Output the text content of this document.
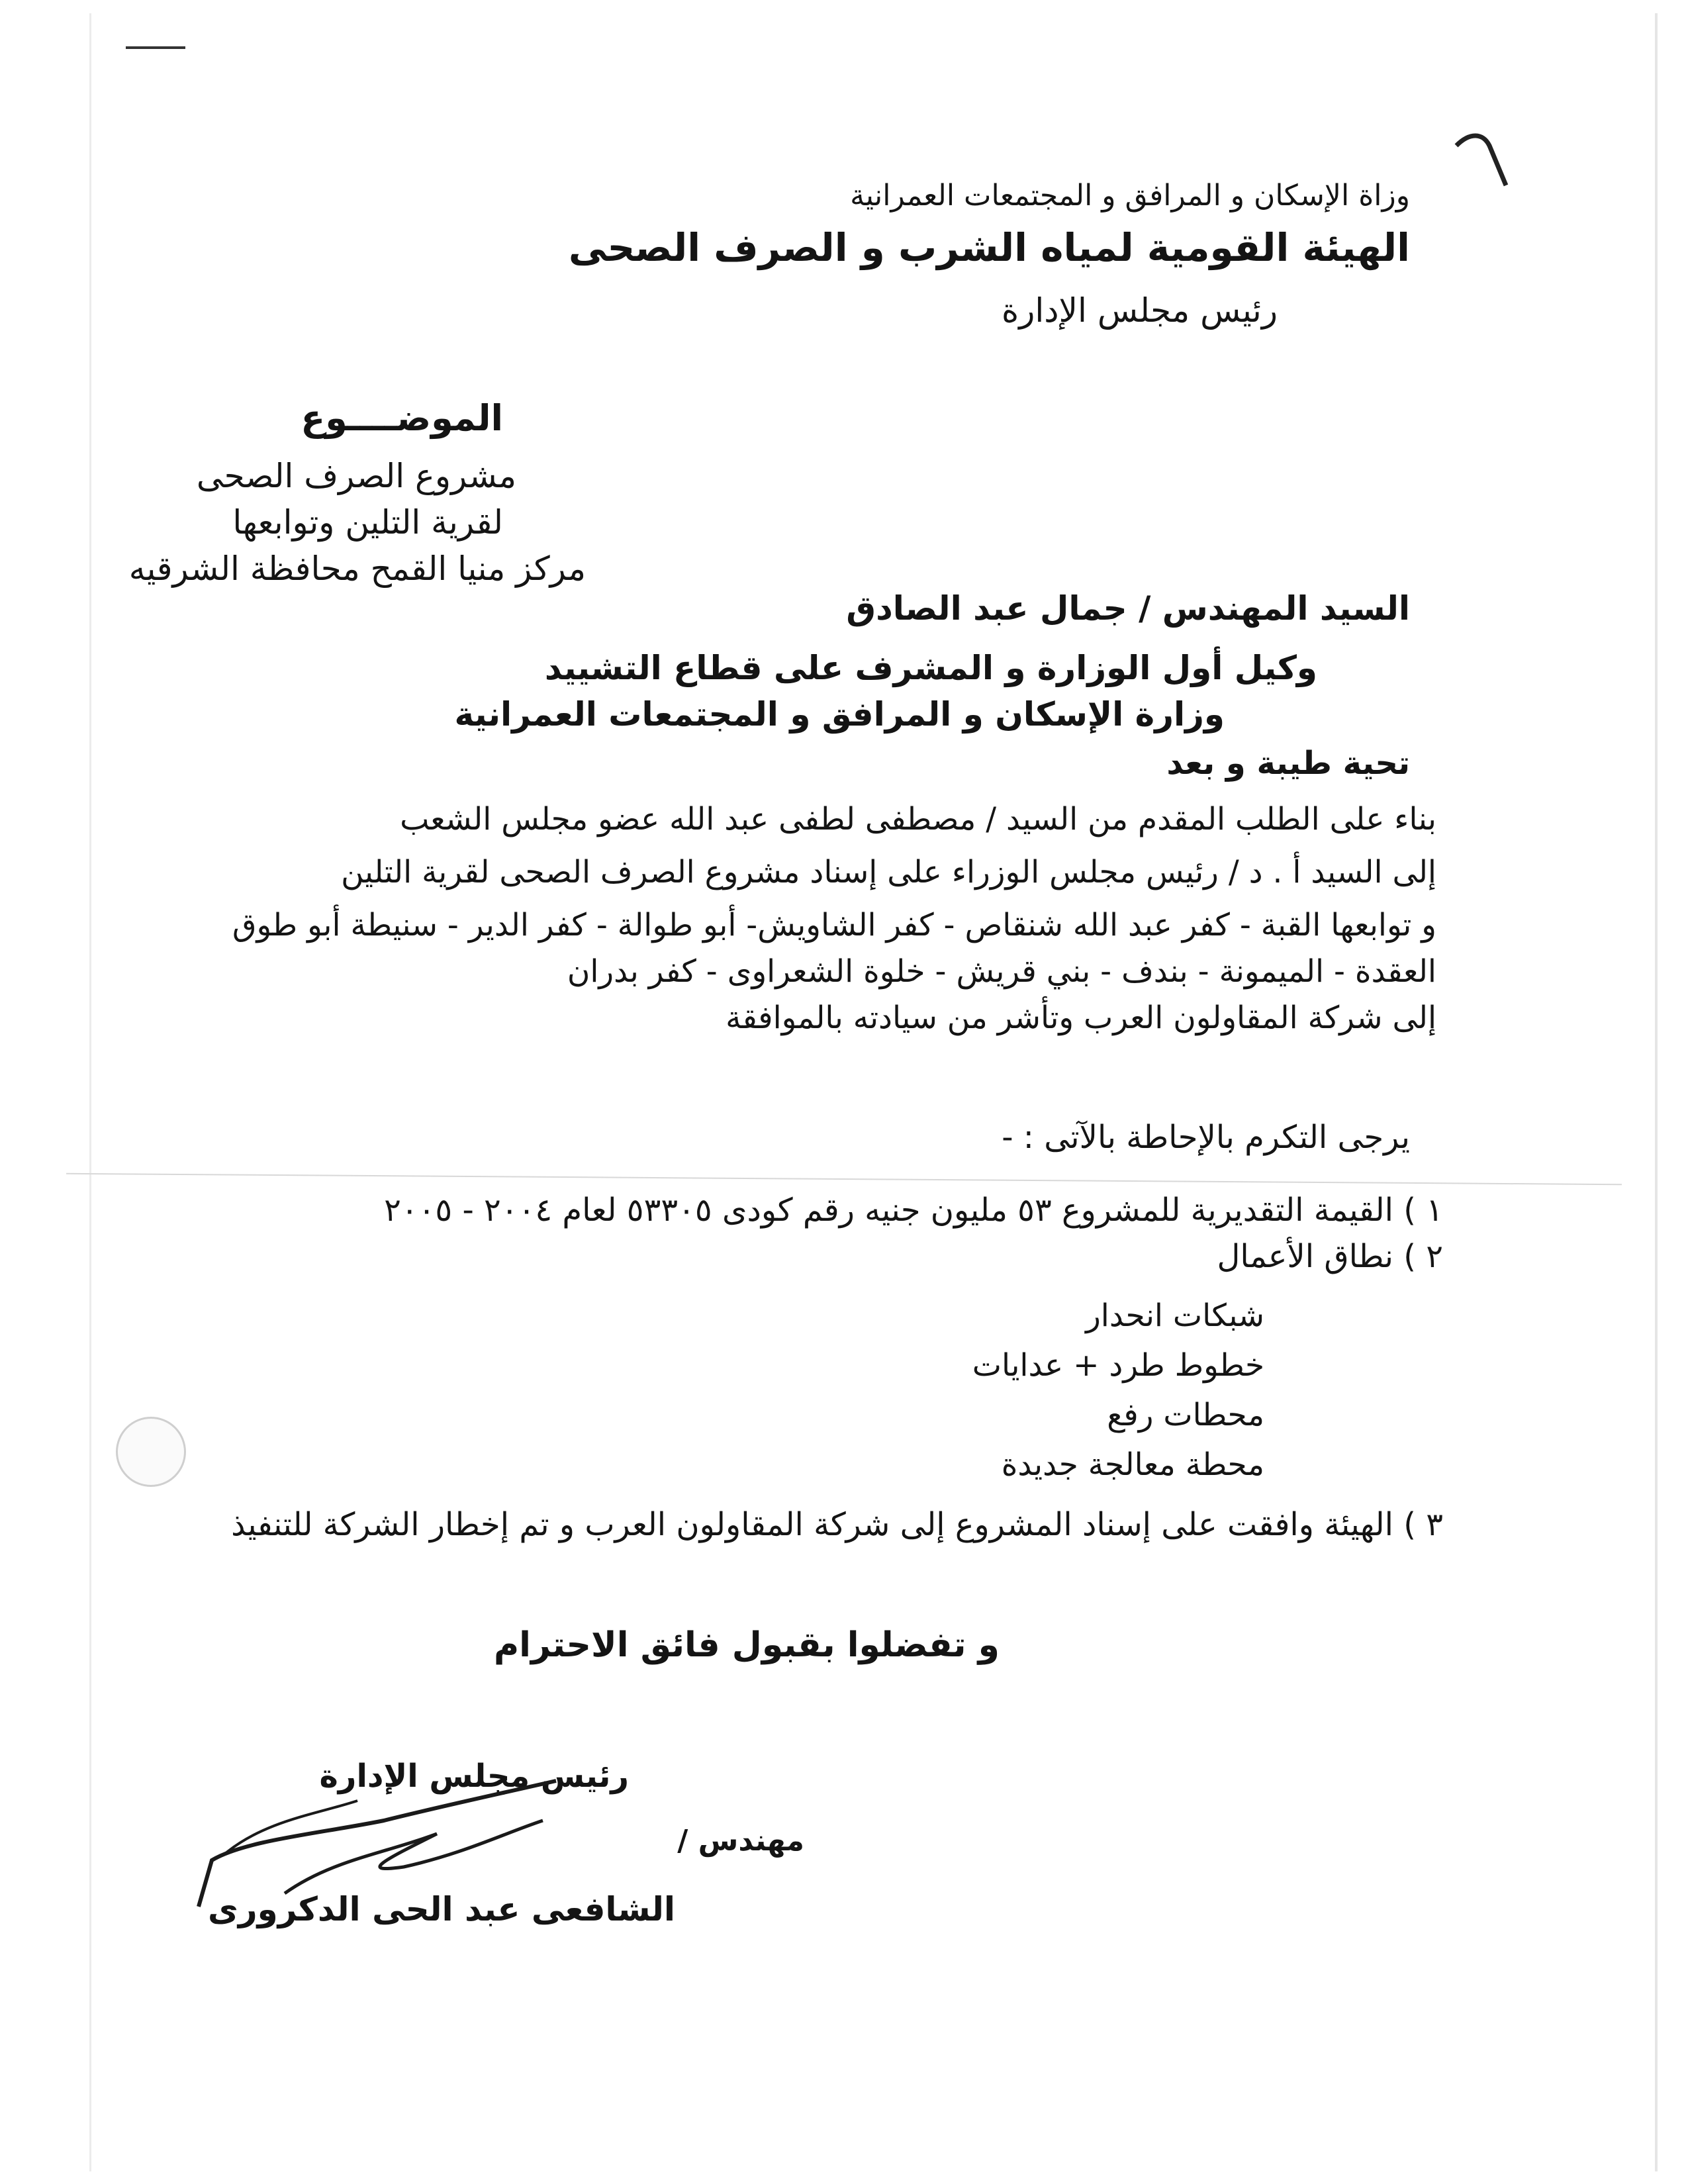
وزاة الإسكان و المرافق و المجتمعات العمرانية
الهيئة القومية لمياه الشرب و الصرف الصحى
رئيس مجلس الإدارة
الموضــــوع
مشروع الصرف الصحى
لقرية التلين وتوابعها
مركز منيا القمح محافظة الشرقيه
السيد المهندس / جمال عبد الصادق
وكيل أول الوزارة و المشرف على قطاع التشييد
وزارة الإسكان و المرافق و المجتمعات العمرانية
تحية طيبة و بعد
بناء على الطلب المقدم من السيد / مصطفى لطفى عبد الله عضو مجلس الشعب
إلى السيد أ . د / رئيس مجلس الوزراء على إسناد مشروع الصرف الصحى لقرية التلين
و توابعها القبة - كفر عبد الله شنقاص - كفر الشاويش- أبو طوالة - كفر الدير - سنيطة أبو طوق
العقدة - الميمونة - بندف - بني قريش - خلوة الشعراوى - كفر بدران
إلى شركة المقاولون العرب وتأشر من سيادته بالموافقة
يرجى التكرم بالإحاطة بالآتى : -
١ ) القيمة التقديرية للمشروع ٥٣ مليون جنيه رقم كودى ٥٣٣٠٥ لعام ٢٠٠٤ - ٢٠٠٥
٢ ) نطاق الأعمال
شبكات انحدار
خطوط طرد + عدايات
محطات رفع
محطة معالجة جديدة
٣ ) الهيئة وافقت على إسناد المشروع إلى شركة المقاولون العرب و تم إخطار الشركة للتنفيذ
و تفضلوا بقبول فائق الاحترام
رئيس مجلس الإدارة
مهندس /
الشافعى عبد الحى الدكرورى
